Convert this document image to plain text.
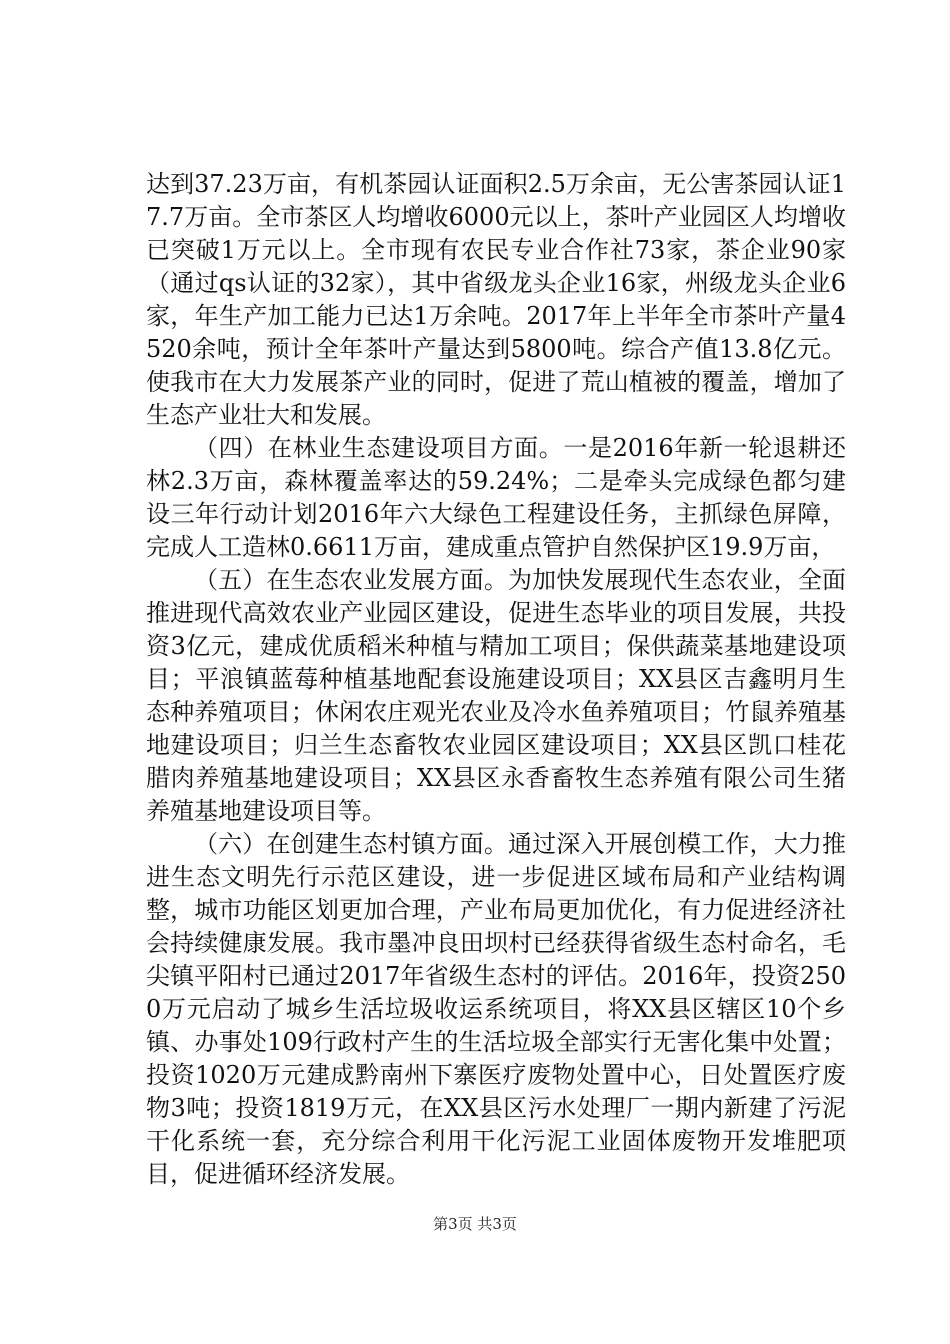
达到37.23万亩，有机茶园认证面积2.5万余亩，无公害茶园认证17.7万亩。全市茶区人均增收6000元以上，茶叶产业园区人均增收已突破1万元以上。全市现有农民专业合作社73家，茶企业90家（通过qs认证的32家），其中省级龙头企业16家，州级龙头企业6家，年生产加工能力已达1万余吨。2017年上半年全市茶叶产量4520余吨，预计全年茶叶产量达到5800吨。综合产值13.8亿元。使我市在大力发展茶产业的同时，促进了荒山植被的覆盖，增加了生态产业壮大和发展。

（四）在林业生态建设项目方面。一是2016年新一轮退耕还林2.3万亩，森林覆盖率达的59.24%；二是牵头完成绿色都匀建设三年行动计划2016年六大绿色工程建设任务，主抓绿色屏障，完成人工造林0.6611万亩，建成重点管护自然保护区19.9万亩，

（五）在生态农业发展方面。为加快发展现代生态农业，全面推进现代高效农业产业园区建设，促进生态毕业的项目发展，共投资3亿元，建成优质稻米种植与精加工项目；保供蔬菜基地建设项目；平浪镇蓝莓种植基地配套设施建设项目；XX县区吉鑫明月生态种养殖项目；休闲农庄观光农业及冷水鱼养殖项目；竹鼠养殖基地建设项目；归兰生态畜牧农业园区建设项目；XX县区凯口桂花腊肉养殖基地建设项目；XX县区永香畜牧生态养殖有限公司生猪养殖基地建设项目等。

（六）在创建生态村镇方面。通过深入开展创模工作，大力推进生态文明先行示范区建设，进一步促进区域布局和产业结构调整，城市功能区划更加合理，产业布局更加优化，有力促进经济社会持续健康发展。我市墨冲良田坝村已经获得省级生态村命名，毛尖镇平阳村已通过2017年省级生态村的评估。2016年，投资2500万元启动了城乡生活垃圾收运系统项目，将XX县区辖区10个乡镇、办事处109行政村产生的生活垃圾全部实行无害化集中处置；投资1020万元建成黔南州下寨医疗废物处置中心，日处置医疗废物3吨；投资1819万元，在XX县区污水处理厂一期内新建了污泥干化系统一套，充分综合利用干化污泥工业固体废物开发堆肥项目，促进循环经济发展。

第3页 共3页
